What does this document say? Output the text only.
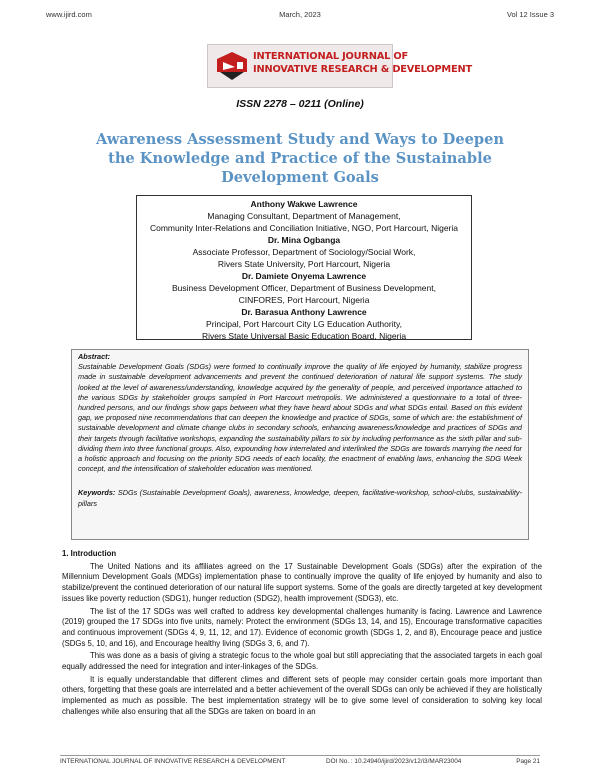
www.ijird.com	March, 2023	Vol 12 Issue 3
INTERNATIONAL JOURNAL OF
INNOVATIVE RESEARCH & DEVELOPMENT
ISSN 2278 – 0211 (Online)
Awareness Assessment Study and Ways to Deepen the Knowledge and Practice of the Sustainable Development Goals
Anthony Wakwe Lawrence
Managing Consultant, Department of Management,
Community Inter-Relations and Conciliation Initiative, NGO, Port Harcourt, Nigeria
Dr. Mina Ogbanga
Associate Professor, Department of Sociology/Social Work,
Rivers State University, Port Harcourt, Nigeria
Dr. Damiete Onyema Lawrence
Business Development Officer, Department of Business Development,
CINFORES, Port Harcourt, Nigeria
Dr. Barasua Anthony Lawrence
Principal, Port Harcourt City LG Education Authority,
Rivers State Universal Basic Education Board, Nigeria
Abstract:
Sustainable Development Goals (SDGs) were formed to continually improve the quality of life enjoyed by humanity, stabilize progress made in sustainable development advancements and prevent the continued deterioration of natural life support systems. The study looked at the level of awareness/understanding, knowledge acquired by the generality of people, and perceived importance attached to the various SDGs by stakeholder groups sampled in Port Harcourt metropolis. We administered a questionnaire to a total of three-hundred persons, and our findings show gaps between what they have heard about SDGs and what SDGs entail. Based on this evident gap, we proposed nine recommendations that can deepen the knowledge and practice of SDGs, some of which are: the establishment of sustainable development and climate change clubs in secondary schools, enhancing awareness/knowledge and practices of SDGs and their targets through facilitative workshops, expanding the sustainability pillars to six by including performance as the sixth pillar and sub-dividing them into three functional groups. Also, expounding how interrelated and interlinked the SDGs are towards marrying the need for a holistic approach and focusing on the priority SDG needs of each locality, the enactment of enabling laws, enhancing the SDG Week concept, and the intensification of stakeholder education was mentioned.
Keywords: SDGs (Sustainable Development Goals), awareness, knowledge, deepen, facilitative-workshop, school-clubs, sustainability-pillars
1. Introduction

The United Nations and its affiliates agreed on the 17 Sustainable Development Goals (SDGs) after the expiration of the Millennium Development Goals (MDGs) implementation phase to continually improve the quality of life enjoyed by humanity and also to stabilize/prevent the continued deterioration of our natural life support systems. Some of the goals are directly targeted at key development issues like poverty reduction (SDG1), hunger reduction (SDG2), health improvement (SDG3), etc.

The list of the 17 SDGs was well crafted to address key developmental challenges humanity is facing. Lawrence and Lawrence (2019) grouped the 17 SDGs into five units, namely: Protect the environment (SDGs 13, 14, and 15), Encourage transformative capacities and continuous improvement (SDGs 4, 9, 11, 12, and 17). Evidence of economic growth (SDGs 1, 2, and 8), Encourage peace and justice (SDGs 5, 10, and 16), and Encourage healthy living (SDGs 3, 6, and 7).

This was done as a basis of giving a strategic focus to the whole goal but still appreciating that the associated targets in each goal equally addressed the need for integration and inter-linkages of the SDGs.

It is equally understandable that different climes and different sets of people may consider certain goals more important than others, forgetting that these goals are interrelated and a better achievement of the overall SDGs can only be achieved if they are holistically implemented as much as possible. The best implementation strategy will be to give some level of consideration to solving key local challenges while also ensuring that all the SDGs are taken on board in an

INTERNATIONAL JOURNAL OF INNOVATIVE RESEARCH & DEVELOPMENT	DOI No. : 10.24940/ijird/2023/v12/i3/MAR23004	Page 21
